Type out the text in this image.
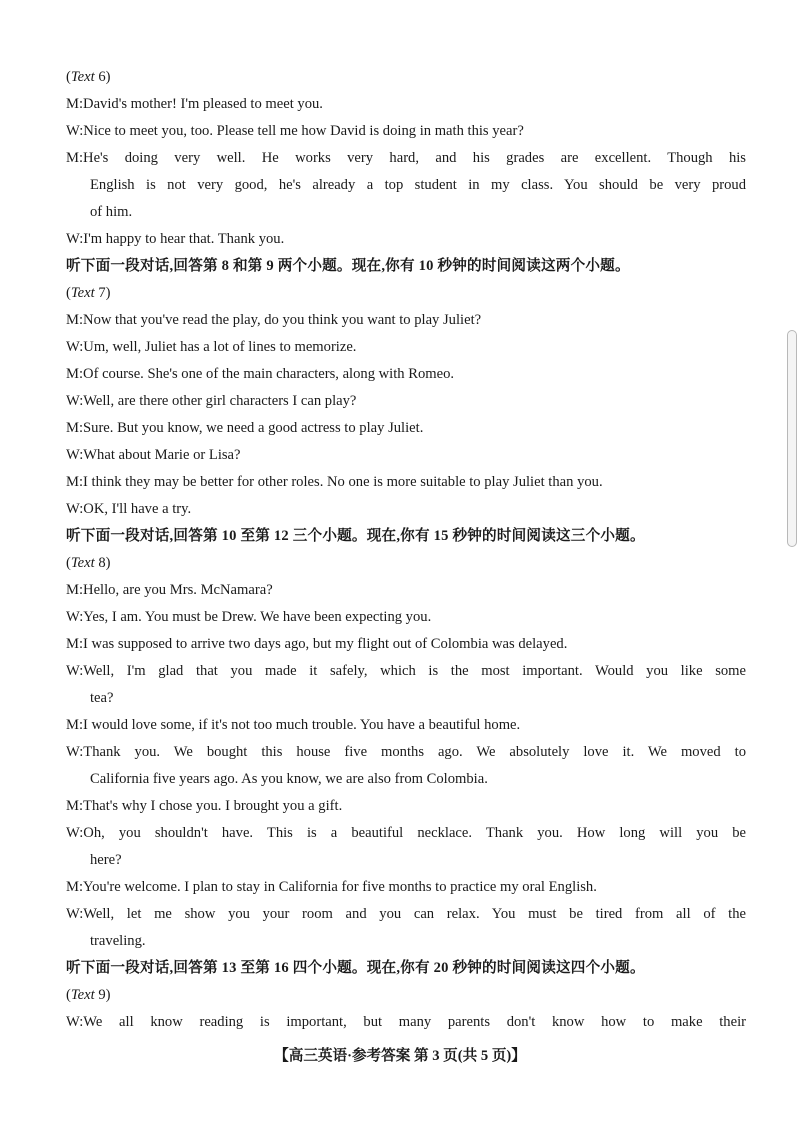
(Text 6)
M:David's mother! I'm pleased to meet you.
W:Nice to meet you, too. Please tell me how David is doing in math this year?
M:He's doing very well. He works very hard, and his grades are excellent. Though his
English is not very good, he's already a top student in my class. You should be very proud
of him.
W:I'm happy to hear that. Thank you.
听下面一段对话,回答第 8 和第 9 两个小题。现在,你有 10 秒钟的时间阅读这两个小题。
(Text 7)
M:Now that you've read the play, do you think you want to play Juliet?
W:Um, well, Juliet has a lot of lines to memorize.
M:Of course. She's one of the main characters, along with Romeo.
W:Well, are there other girl characters I can play?
M:Sure. But you know, we need a good actress to play Juliet.
W:What about Marie or Lisa?
M:I think they may be better for other roles. No one is more suitable to play Juliet than you.
W:OK, I'll have a try.
听下面一段对话,回答第 10 至第 12 三个小题。现在,你有 15 秒钟的时间阅读这三个小题。
(Text 8)
M:Hello, are you Mrs. McNamara?
W:Yes, I am. You must be Drew. We have been expecting you.
M:I was supposed to arrive two days ago, but my flight out of Colombia was delayed.
W:Well, I'm glad that you made it safely, which is the most important. Would you like some
tea?
M:I would love some, if it's not too much trouble. You have a beautiful home.
W:Thank you. We bought this house five months ago. We absolutely love it. We moved to
California five years ago. As you know, we are also from Colombia.
M:That's why I chose you. I brought you a gift.
W:Oh, you shouldn't have. This is a beautiful necklace. Thank you. How long will you be
here?
M:You're welcome. I plan to stay in California for five months to practice my oral English.
W:Well, let me show you your room and you can relax. You must be tired from all of the
traveling.
听下面一段对话,回答第 13 至第 16 四个小题。现在,你有 20 秒钟的时间阅读这四个小题。
(Text 9)
W:We all know reading is important, but many parents don't know how to make their
【高三英语·参考答案 第 3 页(共 5 页)】
